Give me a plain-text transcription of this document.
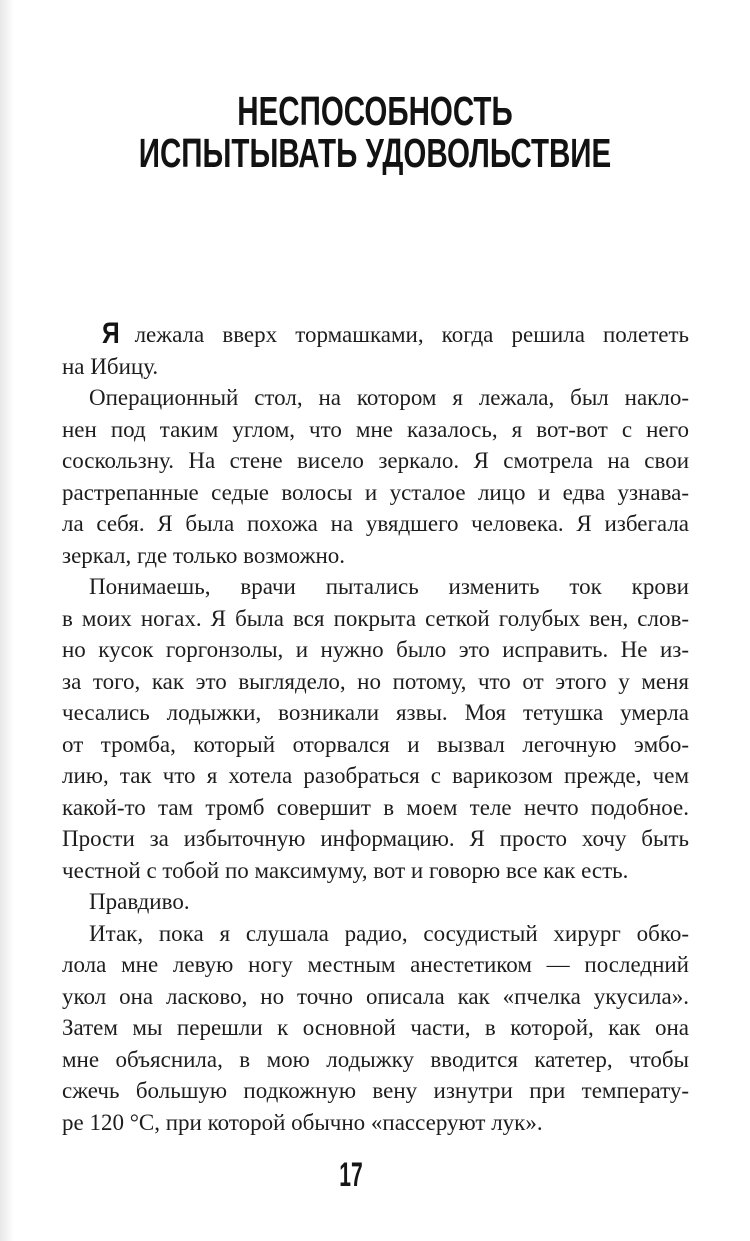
НЕСПОСОБНОСТЬ
ИСПЫТЫВАТЬ УДОВОЛЬСТВИЕ
Я лежала вверх тормашками, когда решила полететь
на Ибицу.
Операционный стол, на котором я лежала, был накло-
нен под таким углом, что мне казалось, я вот-вот с него
соскользну. На стене висело зеркало. Я смотрела на свои
растрепанные седые волосы и усталое лицо и едва узнава-
ла себя. Я была похожа на увядшего человека. Я избегала
зеркал, где только возможно.
Понимаешь, врачи пытались изменить ток крови
в моих ногах. Я была вся покрыта сеткой голубых вен, слов-
но кусок горгонзолы, и нужно было это исправить. Не из-
за того, как это выглядело, но потому, что от этого у меня
чесались лодыжки, возникали язвы. Моя тетушка умерла
от тромба, который оторвался и вызвал легочную эмбо-
лию, так что я хотела разобраться с варикозом прежде, чем
какой-то там тромб совершит в моем теле нечто подобное.
Прости за избыточную информацию. Я просто хочу быть
честной с тобой по максимуму, вот и говорю все как есть.
Правдиво.
Итак, пока я слушала радио, сосудистый хирург обко-
лола мне левую ногу местным анестетиком — последний
укол она ласково, но точно описала как «пчелка укусила».
Затем мы перешли к основной части, в которой, как она
мне объяснила, в мою лодыжку вводится катетер, чтобы
сжечь большую подкожную вену изнутри при температу-
ре 120 °C, при которой обычно «пассеруют лук».
17
